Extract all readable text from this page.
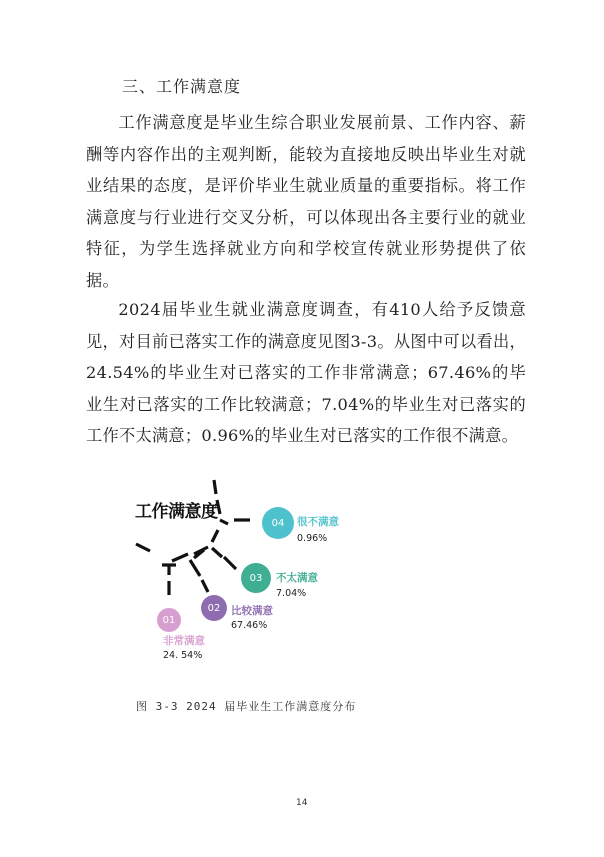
三、工作满意度

工作满意度是毕业生综合职业发展前景、工作内容、薪酬等内容作出的主观判断，能较为直接地反映出毕业生对就业结果的态度，是评价毕业生就业质量的重要指标。将工作满意度与行业进行交叉分析，可以体现出各主要行业的就业特征，为学生选择就业方向和学校宣传就业形势提供了依据。

2024届毕业生就业满意度调查，有410人给予反馈意见，对目前已落实工作的满意度见图3-3。从图中可以看出，24.54%的毕业生对已落实的工作非常满意；67.46%的毕业生对已落实的工作比较满意；7.04%的毕业生对已落实的工作不太满意；0.96%的毕业生对已落实的工作很不满意。

工作满意度
04	很不满意
0.96%
03	不太满意
7.04%
02	比较满意
67.46%
01
非常满意
24. 54%
图 3-3 2024 届毕业生工作满意度分布
14
